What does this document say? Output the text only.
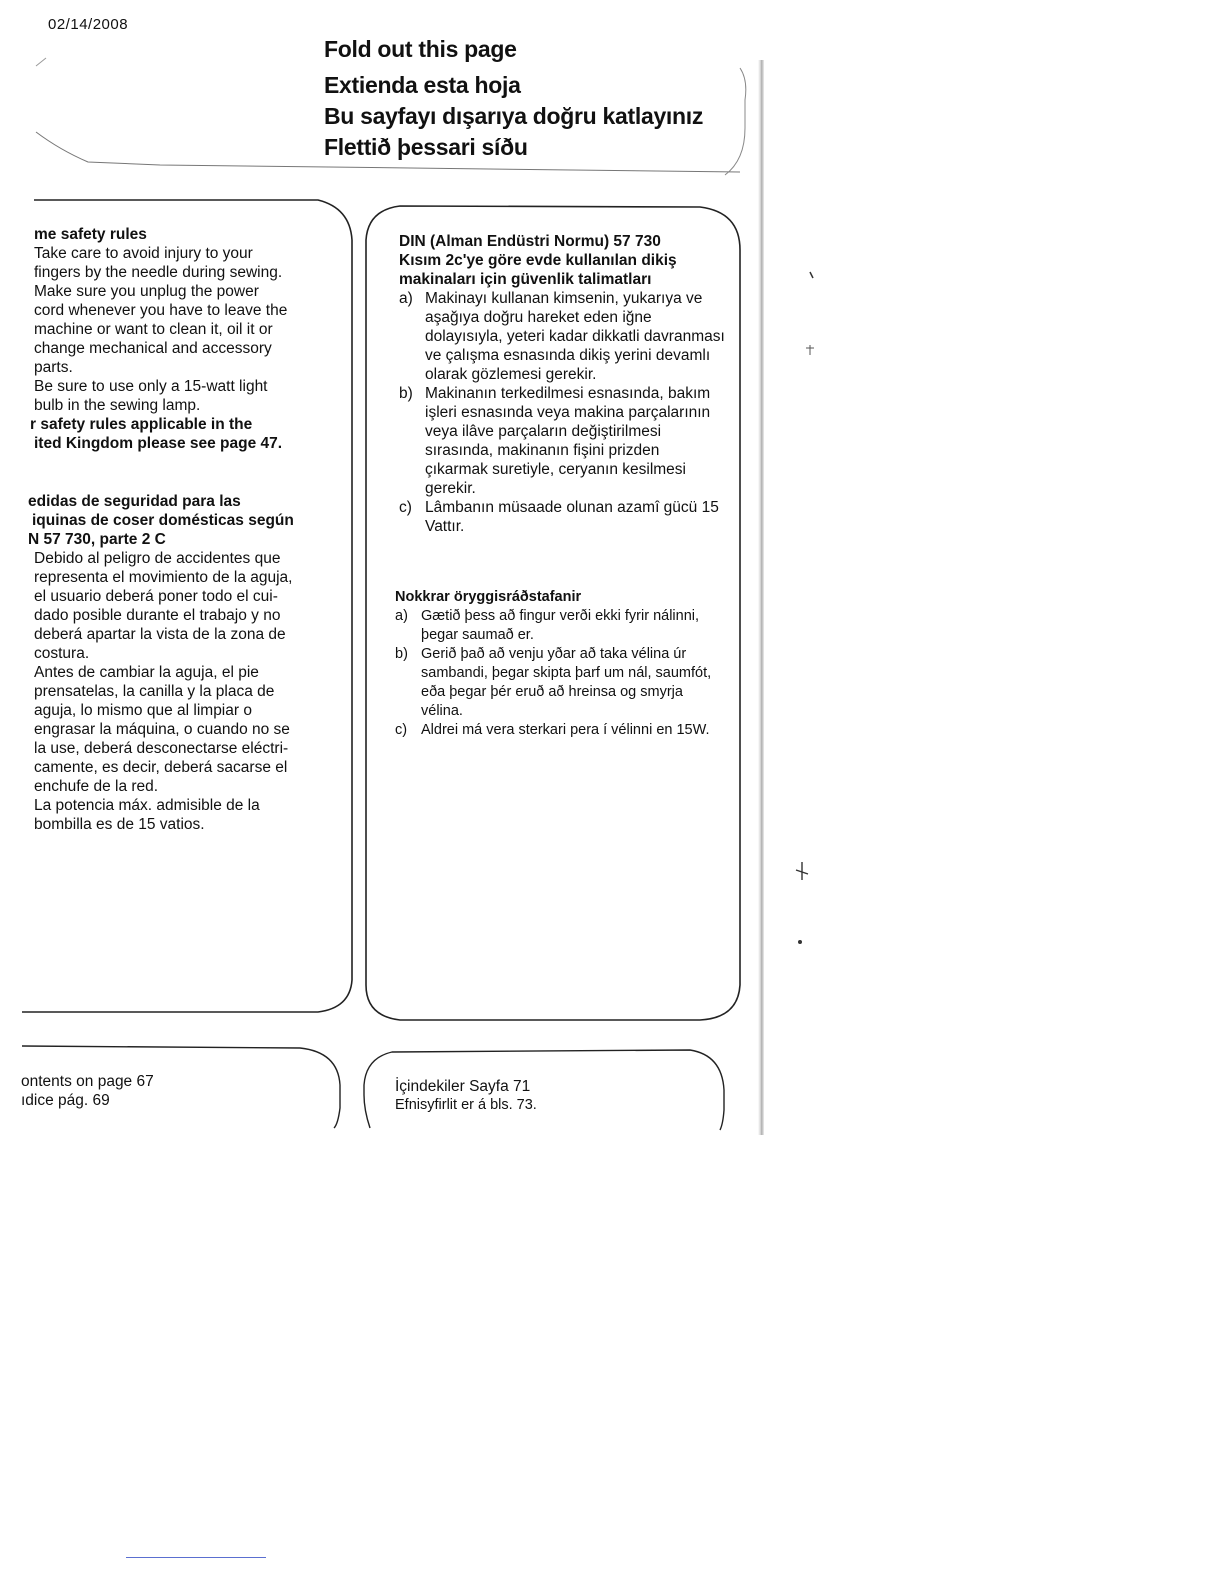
02/14/2008
Fold out this page
Extienda esta hoja
Bu sayfayı dışarıya doğru katlayınız
Flettið þessari síðu
me safety rules
Take care to avoid injury to your
fingers by the needle during sewing.
Make sure you unplug the power
cord whenever you have to leave the
machine or want to clean it, oil it or
change mechanical and accessory
parts.
Be sure to use only a 15-watt light
bulb in the sewing lamp.
r safety rules applicable in the
ited Kingdom please see page 47.
edidas de seguridad para las
iquinas de coser domésticas según
N 57 730, parte 2 C
Debido al peligro de accidentes que
representa el movimiento de la aguja,
el usuario deberá poner todo el cui-
dado posible durante el trabajo y no
deberá apartar la vista de la zona de
costura.
Antes de cambiar la aguja, el pie
prensatelas, la canilla y la placa de
aguja, lo mismo que al limpiar o
engrasar la máquina, o cuando no se
la use, deberá desconectarse eléctri-
camente, es decir, deberá sacarse el
enchufe de la red.
La potencia máx. admisible de la
bombilla es de 15 vatios.
ontents on page 67
ıdice pág. 69
DIN (Alman Endüstri Normu) 57 730
Kısım 2c'ye göre evde kullanılan dikiş
makinaları için güvenlik talimatları
a) Makinayı kullanan kimsenin, yukarıya ve aşağıya doğru hareket eden iğne dolayısıyla, yeteri kadar dikkatli davranması ve çalışma esnasında dikiş yerini devamlı olarak gözlemesi gerekir.
b) Makinanın terkedilmesi esnasında, bakım işleri esnasında veya makina parçalarının veya ilâve parçaların değiştirilmesi sırasında, makinanın fişini prizden çıkarmak suretiyle, ceryanın kesilmesi gerekir.
c) Lâmbanın müsaade olunan azamî gücü 15 Vattır.
Nokkrar öryggisráðstafanir
a) Gætið þess að fingur verði ekki fyrir nálinni, þegar saumað er.
b) Gerið það að venju yðar að taka vélina úr sambandi, þegar skipta þarf um nál, saumfót, eða þegar þér eruð að hreinsa og smyrja vélina.
c) Aldrei má vera sterkari pera í vélinni en 15W.
İçindekiler Sayfa 71
Efnisyfirlit er á bls. 73.
